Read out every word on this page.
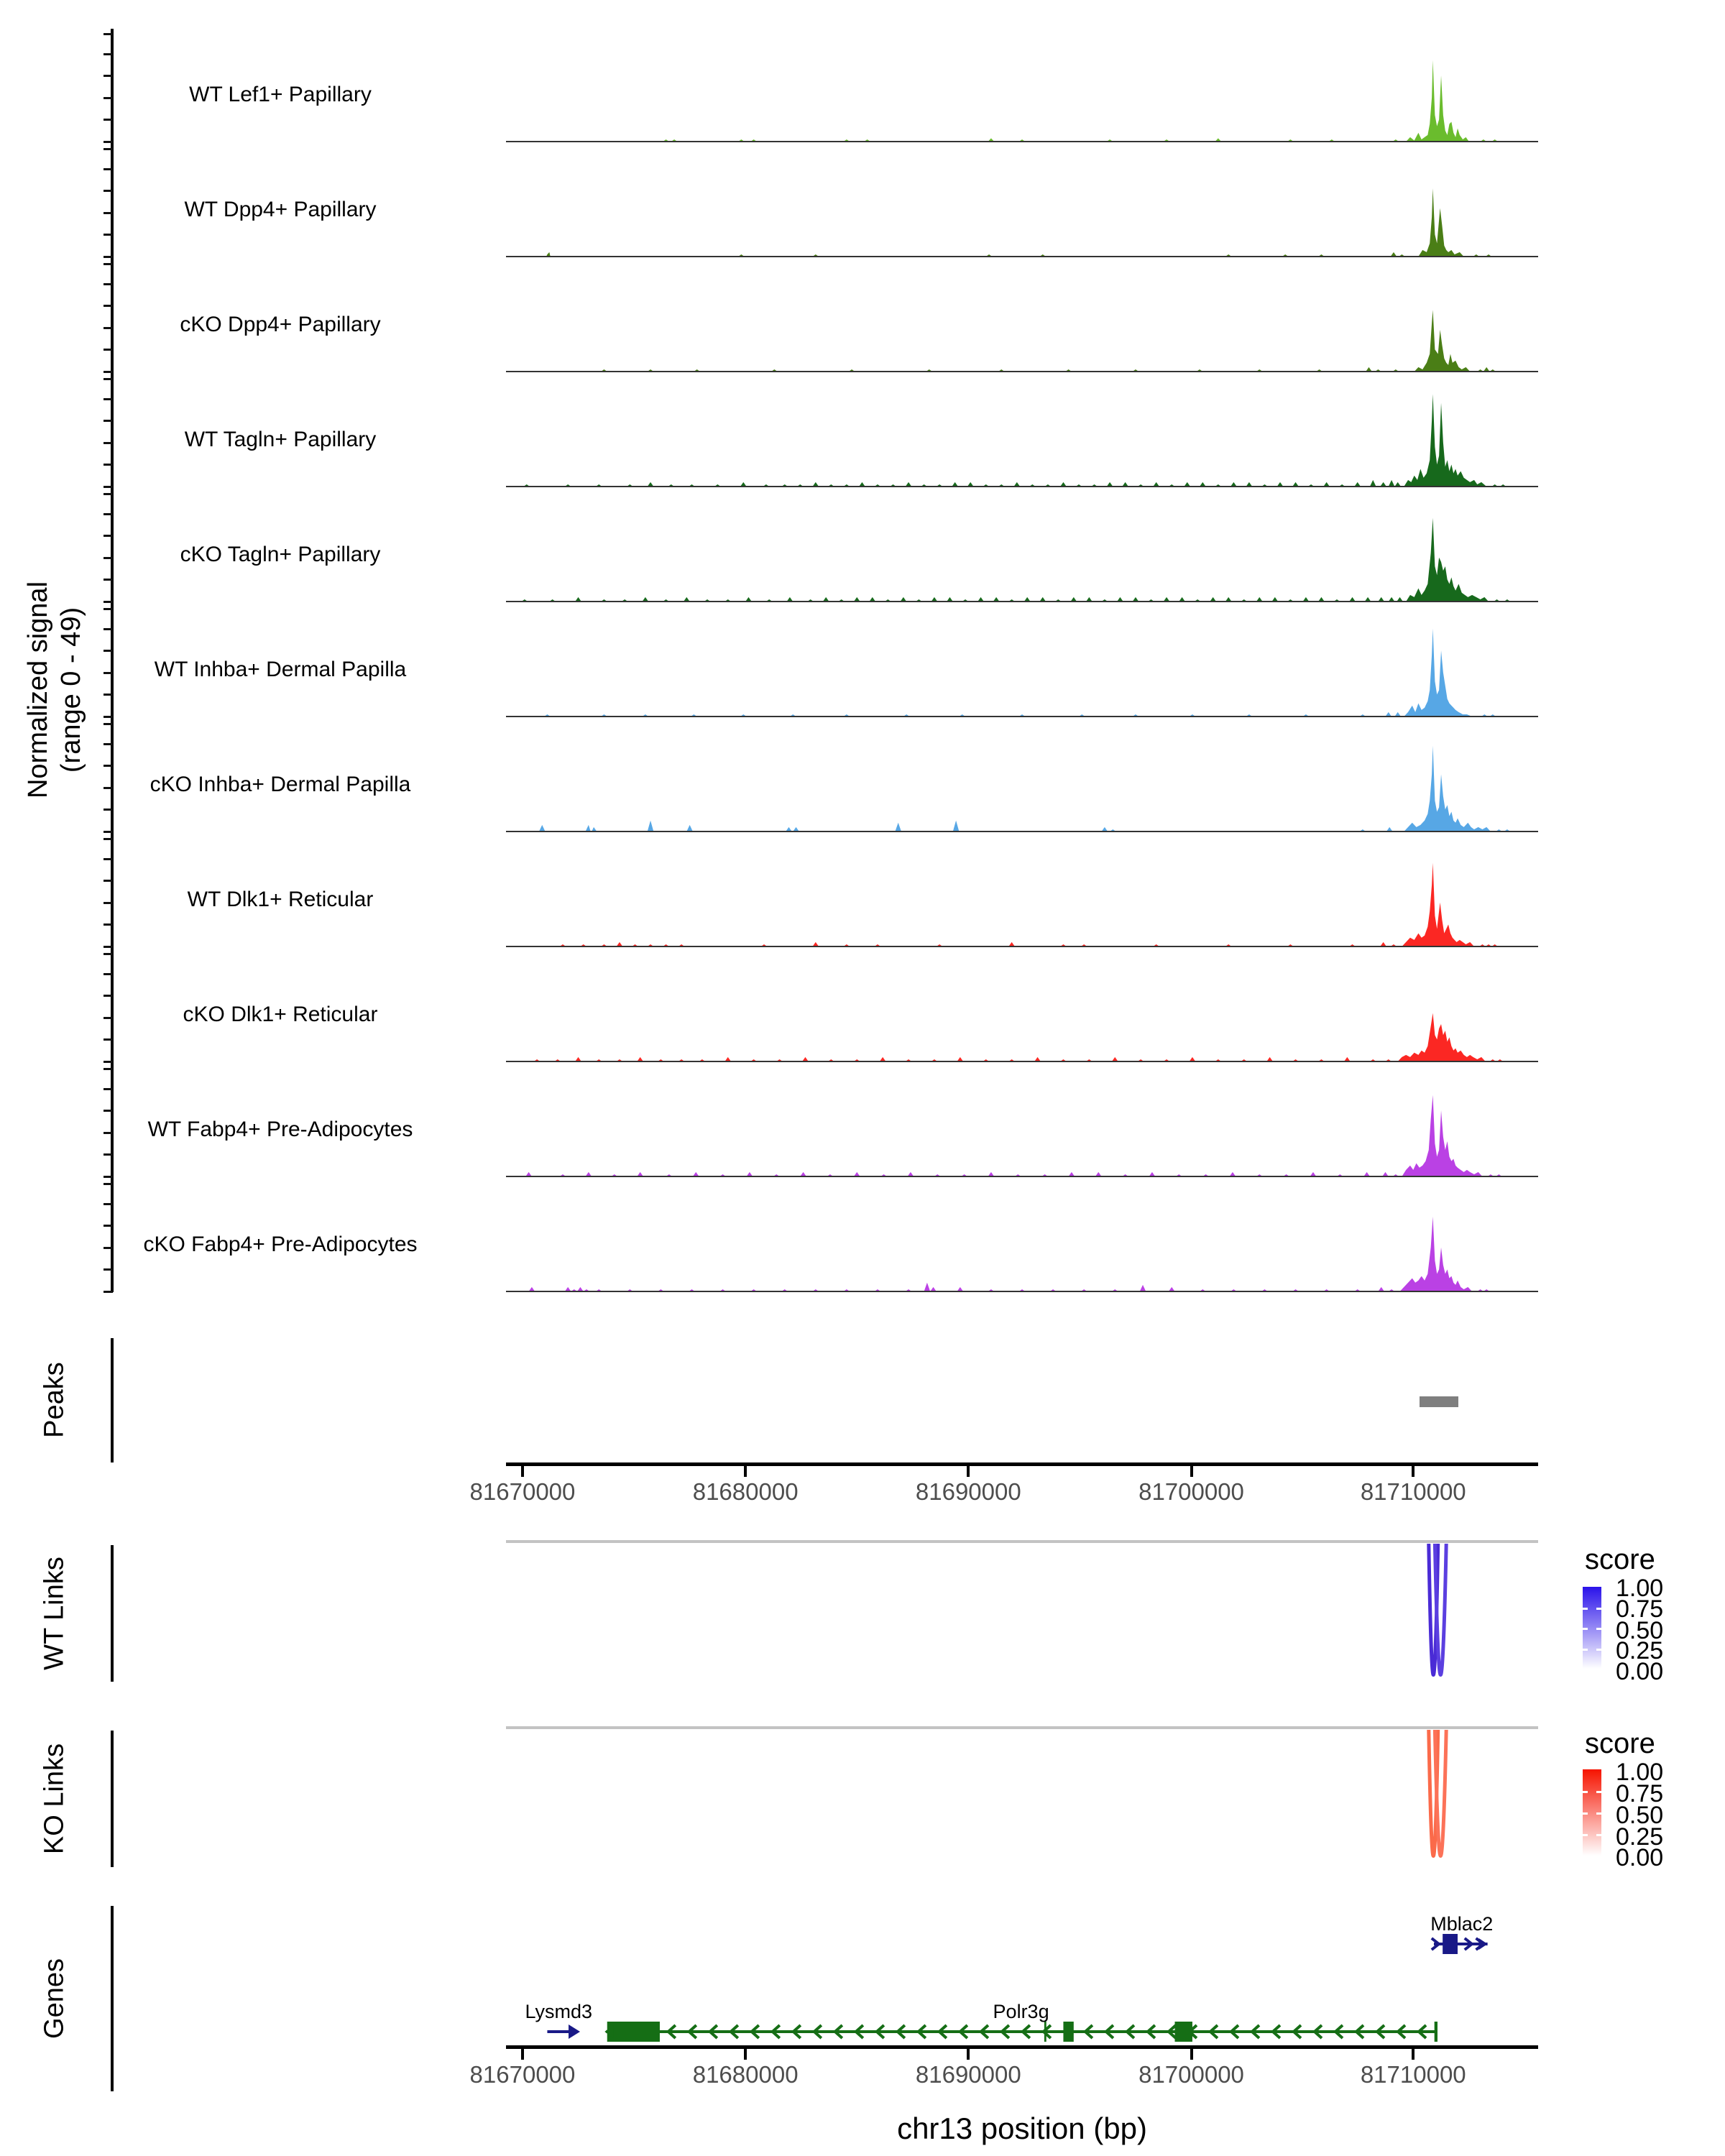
Normalized signal (range 0 - 49)
WT Lef1+ Papillary
WT Dpp4+ Papillary
cKO Dpp4+ Papillary
WT Tagln+ Papillary
cKO Tagln+ Papillary
WT Inhba+ Dermal Papilla
cKO Inhba+ Dermal Papilla
WT Dlk1+ Reticular
cKO Dlk1+ Reticular
WT Fabp4+ Pre-Adipocytes
cKO Fabp4+ Pre-Adipocytes
Peaks
81670000	81680000	81690000	81700000	81710000
WT Links	score
1.00
0.75
0.50
0.25
0.00
KO Links	score
1.00
0.75
0.50
0.25
0.00
Genes	Lysmd3	Polr3g
Mblac2
81670000	81680000	81690000	81700000	81710000
chr13 position (bp)
